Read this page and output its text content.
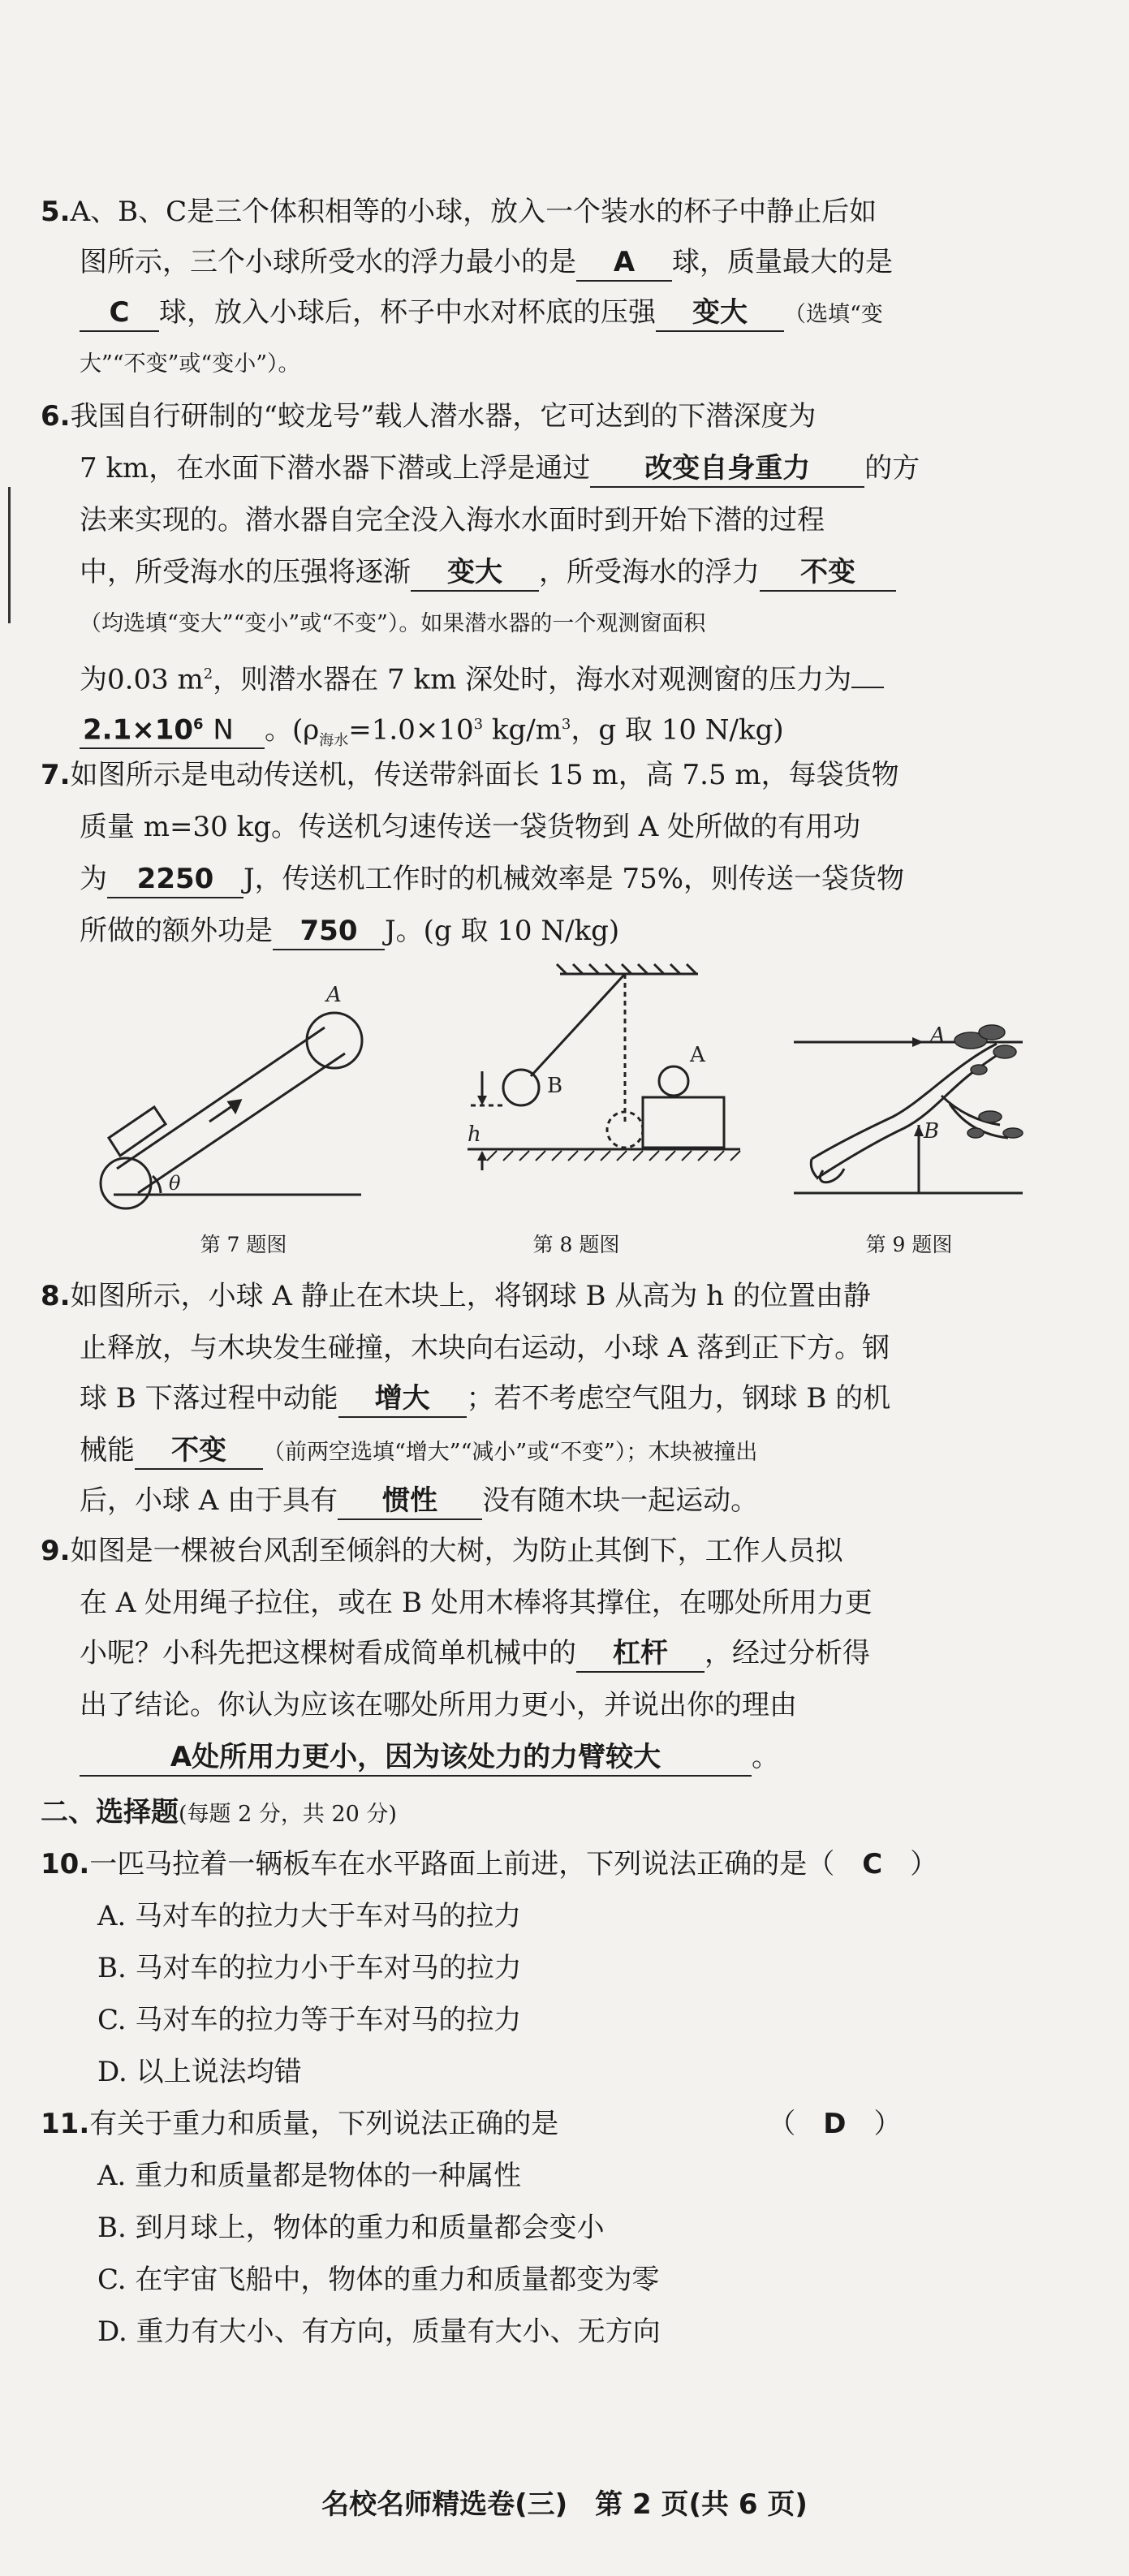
5.A、B、C是三个体积相等的小球，放入一个装水的杯子中静止后如
图所示，三个小球所受水的浮力最小的是 A 球，质量最大的是
C 球，放入小球后，杯子中水对杯底的压强 变大 （选填“变
大”“不变”或“变小”）。
6.我国自行研制的“蛟龙号”载人潜水器，它可达到的下潜深度为
7 km，在水面下潜水器下潜或上浮是通过 改变自身重力 的方
法来实现的。潜水器自完全没入海水水面时到开始下潜的过程
中，所受海水的压强将逐渐 变大 ，所受海水的浮力 不变
（均选填“变大”“变小”或“不变”）。如果潜水器的一个观测窗面积
为0.03 $m^2$，则潜水器在 7 km 深处时，海水对观测窗的压力为
$2.1\times 10^6$ N 。($\rho_{海水}=1.0\times 10^3$ $kg/m^3$，g 取 10 N/kg)
7.如图所示是电动传送机，传送带斜面长 15 m，高 7.5 m，每袋货物
质量 m=30 kg。传送机匀速传送一袋货物到 A 处所做的有用功
为 2250 J，传送机工作时的机械效率是 75%，则传送一袋货物
所做的额外功是 750 J。(g 取 10 N/kg)
A
θ
B
A
h
A
B
第 7 题图	第 8 题图	第 9 题图
8.如图所示，小球 A 静止在木块上，将钢球 B 从高为 h 的位置由静
止释放，与木块发生碰撞，木块向右运动，小球 A 落到正下方。钢
球 B 下落过程中动能 增大 ；若不考虑空气阻力，钢球 B 的机
械能 不变 （前两空选填“增大”“减小”或“不变”）；木块被撞出
后，小球 A 由于具有 惯性 没有随木块一起运动。
9.如图是一棵被台风刮至倾斜的大树，为防止其倒下，工作人员拟
在 A 处用绳子拉住，或在 B 处用木棒将其撑住，在哪处所用力更
小呢？小科先把这棵树看成简单机械中的 杠杆 ，经过分析得
出了结论。你认为应该在哪处所用力更小，并说出你的理由
A处所用力更小，因为该处力的力臂较大	。
二、选择题(每题 2 分，共 20 分)
10.一匹马拉着一辆板车在水平路面上前进，下列说法正确的是（ C ）
A. 马对车的拉力大于车对马的拉力
B. 马对车的拉力小于车对马的拉力
C. 马对车的拉力等于车对马的拉力
D. 以上说法均错
11.有关于重力和质量，下列说法正确的是	（ D ）
A. 重力和质量都是物体的一种属性
B. 到月球上，物体的重力和质量都会变小
C. 在宇宙飞船中，物体的重力和质量都变为零
D. 重力有大小、有方向，质量有大小、无方向
名校名师精选卷(三)　第 2 页(共 6 页)
